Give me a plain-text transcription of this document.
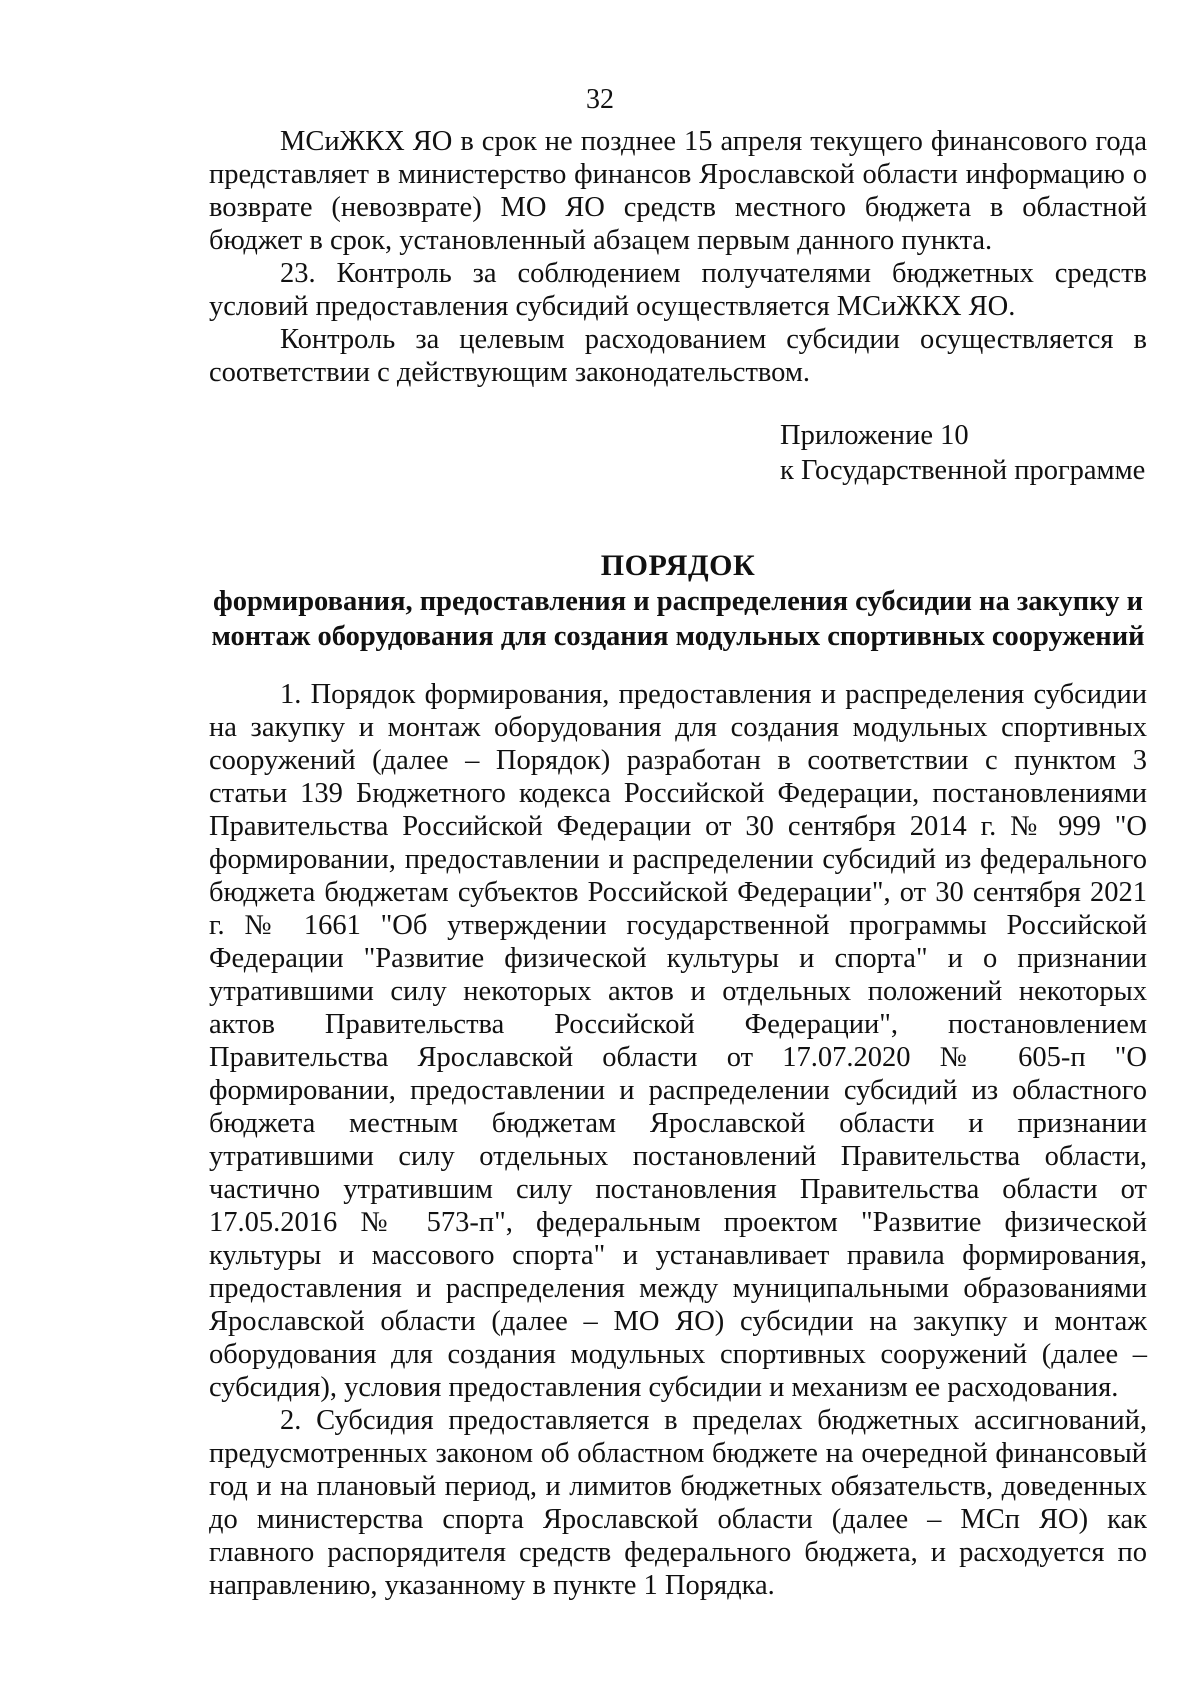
32

МСиЖКХ ЯО в срок не позднее 15 апреля текущего финансового года представляет в министерство финансов Ярославской области информацию о возврате (невозврате) МО ЯО средств местного бюджета в областной бюджет в срок, установленный абзацем первым данного пункта.

23. Контроль за соблюдением получателями бюджетных средств условий предоставления субсидий осуществляется МСиЖКХ ЯО.

Контроль за целевым расходованием субсидии осуществляется в соответствии с действующим законодательством.

Приложение 10
к Государственной программе
ПОРЯДОК
формирования, предоставления и распределения субсидии на закупку и
монтаж оборудования для создания модульных спортивных сооружений

1. Порядок формирования, предоставления и распределения субсидии на закупку и монтаж оборудования для создания модульных спортивных сооружений (далее – Порядок) разработан в соответствии с пунктом 3 статьи 139 Бюджетного кодекса Российской Федерации, постановлениями Правительства Российской Федерации от 30 сентября 2014 г. № 999 "О формировании, предоставлении и распределении субсидий из федерального бюджета бюджетам субъектов Российской Федерации", от 30 сентября 2021 г. № 1661 "Об утверждении государственной программы Российской Федерации "Развитие физической культуры и спорта" и о признании утратившими силу некоторых актов и отдельных положений некоторых актов Правительства Российской Федерации", постановлением Правительства Ярославской области от 17.07.2020 № 605-п "О формировании, предоставлении и распределении субсидий из областного бюджета местным бюджетам Ярославской области и признании утратившими силу отдельных постановлений Правительства области, частично утратившим силу постановления Правительства области от 17.05.2016 № 573-п", федеральным проектом "Развитие физической культуры и массового спорта" и устанавливает правила формирования, предоставления и распределения между муниципальными образованиями Ярославской области (далее – МО ЯО) субсидии на закупку и монтаж оборудования для создания модульных спортивных сооружений (далее – субсидия), условия предоставления субсидии и механизм ее расходования.

2. Субсидия предоставляется в пределах бюджетных ассигнований, предусмотренных законом об областном бюджете на очередной финансовый год и на плановый период, и лимитов бюджетных обязательств, доведенных до министерства спорта Ярославской области (далее – МСп ЯО) как главного распорядителя средств федерального бюджета, и расходуется по направлению, указанному в пункте 1 Порядка.
